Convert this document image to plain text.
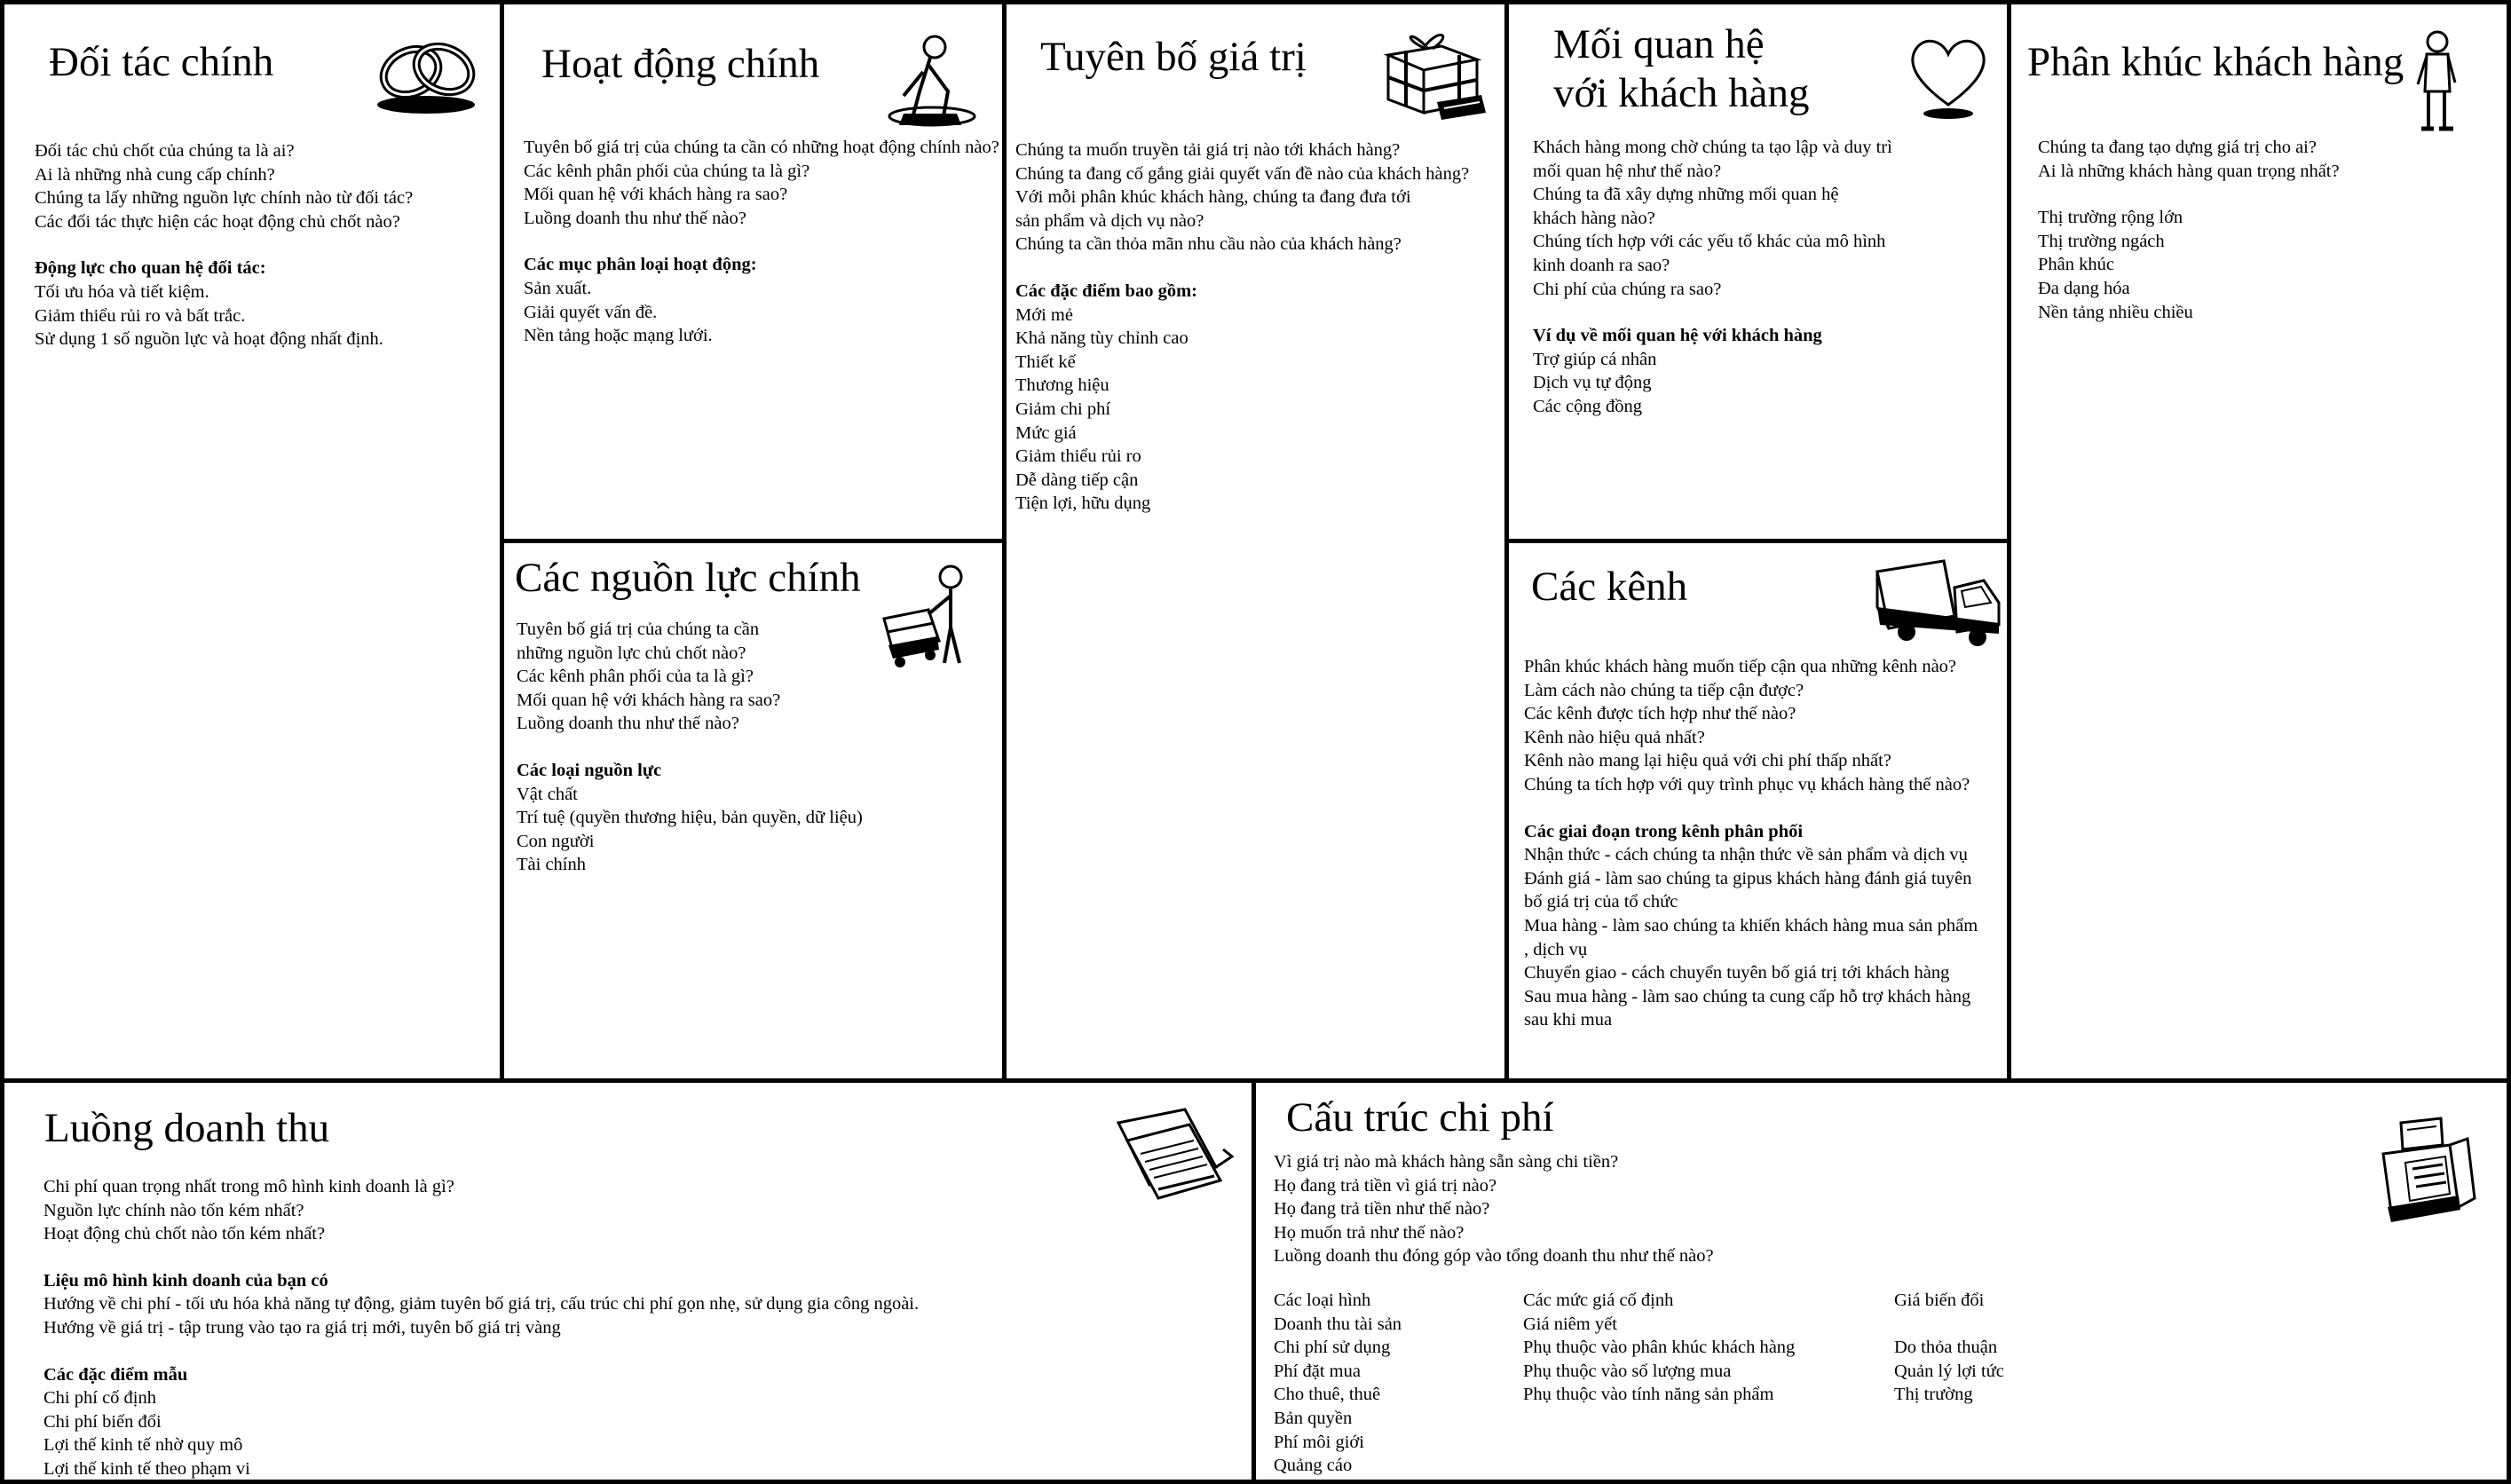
Đối tác chính

Đối tác chủ chốt của chúng ta là ai?

Ai là những nhà cung cấp chính?

Chúng ta lấy những nguồn lực chính nào từ đối tác?

Các đối tác thực hiện các hoạt động chủ chốt nào?

Động lực cho quan hệ đối tác:

Tối ưu hóa và tiết kiệm.

Giảm thiểu rủi ro và bất trắc.

Sử dụng 1 số nguồn lực và hoạt động nhất định.

Hoạt động chính

Tuyên bố giá trị của chúng ta cần có những hoạt động chính nào?

Các kênh phân phối của chúng ta là gì?

Mối quan hệ với khách hàng ra sao?

Luồng doanh thu như thế nào?

Các mục phân loại hoạt động:

Sản xuất.

Giải quyết vấn đề.

Nền tảng hoặc mạng lưới.

Các nguồn lực chính

Tuyên bố giá trị của chúng ta cần

những nguồn lực chủ chốt nào?

Các kênh phân phối của ta là gì?

Mối quan hệ với khách hàng ra sao?

Luồng doanh thu như thế nào?

Các loại nguồn lực

Vật chất

Trí tuệ (quyền thương hiệu, bản quyền, dữ liệu)

Con người

Tài chính

Tuyên bố giá trị

Chúng ta muốn truyền tải giá trị nào tới khách hàng?

Chúng ta đang cố gắng giải quyết vấn đề nào của khách hàng?

Với mỗi phân khúc khách hàng, chúng ta đang đưa tới

sản phẩm và dịch vụ nào?

Chúng ta cần thỏa mãn nhu cầu nào của khách hàng?

Các đặc điểm bao gồm:

Mới mẻ

Khả năng tùy chỉnh cao

Thiết kế

Thương hiệu

Giảm chi phí

Mức giá

Giảm thiểu rủi ro

Dễ dàng tiếp cận

Tiện lợi, hữu dụng

Mối quan hệ
với khách hàng

Khách hàng mong chờ chúng ta tạo lập và duy trì

mối quan hệ như thế nào?

Chúng ta đã xây dựng những mối quan hệ

khách hàng nào?

Chúng tích hợp với các yếu tố khác của mô hình

kinh doanh ra sao?

Chi phí của chúng ra sao?

Ví dụ về mối quan hệ với khách hàng

Trợ giúp cá nhân

Dịch vụ tự động

Các cộng đồng

Các kênh

Phân khúc khách hàng muốn tiếp cận qua những kênh nào?

Làm cách nào chúng ta tiếp cận được?

Các kênh được tích hợp như thế nào?

Kênh nào hiệu quả nhất?

Kênh nào mang lại hiệu quả với chi phí thấp nhất?

Chúng ta tích hợp với quy trình phục vụ khách hàng thế nào?

Các giai đoạn trong kênh phân phối

Nhận thức - cách chúng ta nhận thức về sản phẩm và dịch vụ

Đánh giá - làm sao chúng ta gipus khách hàng đánh giá tuyên

bố giá trị của tổ chức

Mua hàng - làm sao chúng ta khiến khách hàng mua sản phẩm

, dịch vụ

Chuyển giao - cách chuyển tuyên bố giá trị tới khách hàng

Sau mua hàng - làm sao chúng ta cung cấp hỗ trợ khách hàng

sau khi mua

Phân khúc khách hàng

Chúng ta đang tạo dựng giá trị cho ai?

Ai là những khách hàng quan trọng nhất?

Thị trường rộng lớn

Thị trường ngách

Phân khúc

Đa dạng hóa

Nền tảng nhiều chiều

Luồng doanh thu

Chi phí quan trọng nhất trong mô hình kinh doanh là gì?

Nguồn lực chính nào tốn kém nhất?

Hoạt động chủ chốt nào tốn kém nhất?

Liệu mô hình kinh doanh của bạn có

Hướng về chi phí - tối ưu hóa khả năng tự động, giảm tuyên bố giá trị, cấu trúc chi phí gọn nhẹ, sử dụng gia công ngoài.

Hướng về giá trị - tập trung vào tạo ra giá trị mới, tuyên bố giá trị vàng

Các đặc điểm mẫu

Chi phí cố định

Chi phí biến đổi

Lợi thế kinh tế nhờ quy mô

Lợi thế kinh tế theo phạm vi

Cấu trúc chi phí

Vì giá trị nào mà khách hàng sẵn sàng chi tiền?

Họ đang trả tiền vì giá trị nào?

Họ đang trả tiền như thế nào?

Họ muốn trả như thế nào?

Luồng doanh thu đóng góp vào tổng doanh thu như thế nào?

Các loại hình

Doanh thu tài sản

Chi phí sử dụng

Phí đặt mua

Cho thuê, thuê

Bản quyền

Phí môi giới

Quảng cáo

Các mức giá cố định

Giá niêm yết

Phụ thuộc vào phân khúc khách hàng

Phụ thuộc vào số lượng mua

Phụ thuộc vào tính năng sản phẩm

Giá biến đổi

Do thỏa thuận

Quản lý lợi tức

Thị trường
